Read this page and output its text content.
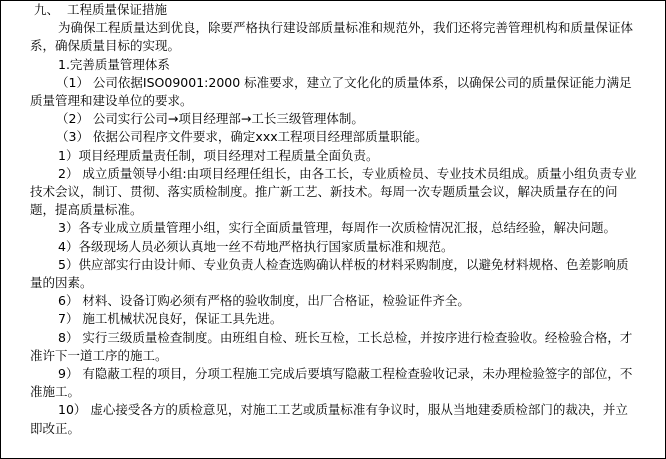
九、  工程质量保证措施

为确保工程质量达到优良，除要严格执行建设部质量标准和规范外，我们还将完善管理机构和质量保证体系，确保质量目标的实现。

1.完善质量管理体系

（1） 公司依据ISO09001:2000 标准要求，建立了文化化的质量体系，以确保公司的质量保证能力满足质量管理和建设单位的要求。

（2） 公司实行公司→项目经理部→工长三级管理体制。

（3） 依据公司程序文件要求，确定xxx工程项目经理部质量职能。

1）项目经理质量责任制，项目经理对工程质量全面负责。

2） 成立质量领导小组:由项目经理任组长，由各工长，专业质检员、专业技术员组成。质量小组负责专业技术会议，制订、贯彻、落实质检制度。推广新工艺、新技术。每周一次专题质量会议，解决质量存在的问题，提高质量标准。

3）各专业成立质量管理小组，实行全面质量管理，每周作一次质检情况汇报，总结经验，解决问题。

4）各级现场人员必须认真地一丝不苟地严格执行国家质量标准和规范。

5）供应部实行由设计师、专业负责人检查选购确认样板的材料采购制度，以避免材料规格、色差影响质量的因素。

6） 材料、设备订购必须有严格的验收制度，出厂合格证，检验证件齐全。

7） 施工机械状况良好，保证工具先进。

8） 实行三级质量检查制度。由班组自检、班长互检，工长总检，并按序进行检查验收。经检验合格，才准许下一道工序的施工。

9） 有隐蔽工程的项目，分项工程施工完成后要填写隐蔽工程检查验收记录，未办理检验签字的部位，不准施工。

10） 虚心接受各方的质检意见，对施工工艺或质量标准有争议时，服从当地建委质检部门的裁决，并立即改正。
